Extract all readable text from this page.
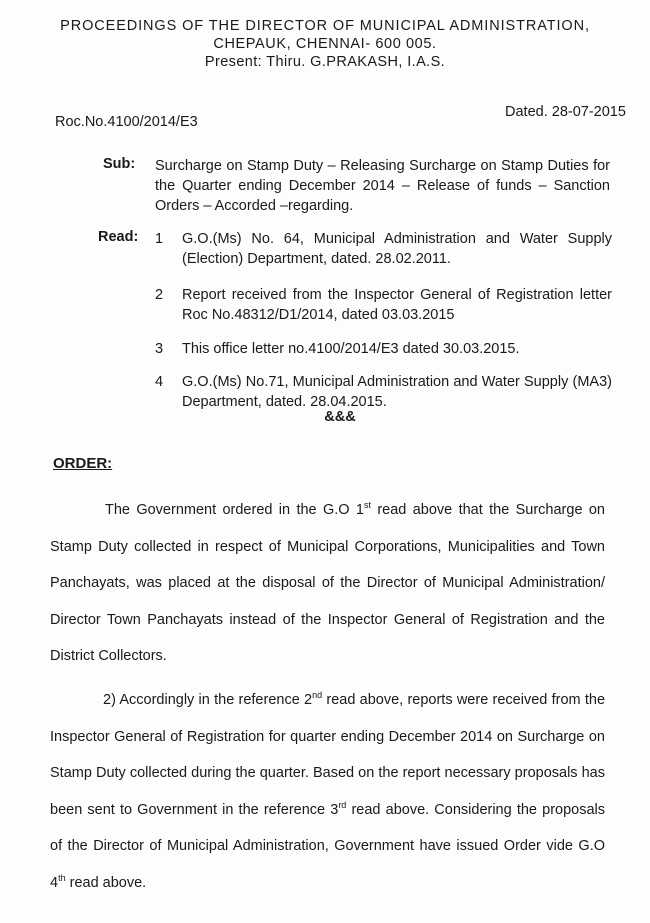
PROCEEDINGS OF THE DIRECTOR OF MUNICIPAL ADMINISTRATION,
CHEPAUK, CHENNAI- 600 005.
Present: Thiru. G.PRAKASH, I.A.S.
Roc.No.4100/2014/E3
Dated. 28-07-2015
Sub: Surcharge on Stamp Duty – Releasing Surcharge on Stamp Duties for the Quarter ending December 2014 – Release of funds – Sanction Orders – Accorded –regarding.
Read: 1 G.O.(Ms) No. 64, Municipal Administration and Water Supply (Election) Department, dated. 28.02.2011.
2 Report received from the Inspector General of Registration letter Roc No.48312/D1/2014, dated 03.03.2015
3 This office letter no.4100/2014/E3 dated 30.03.2015.
4 G.O.(Ms) No.71, Municipal Administration and Water Supply (MA3) Department, dated. 28.04.2015.
&&&
ORDER:

The Government ordered in the G.O 1st read above that the Surcharge on Stamp Duty collected in respect of Municipal Corporations, Municipalities and Town Panchayats, was placed at the disposal of the Director of Municipal Administration/ Director Town Panchayats instead of the Inspector General of Registration and the District Collectors.

2) Accordingly in the reference 2nd read above, reports were received from the Inspector General of Registration for quarter ending December 2014 on Surcharge on Stamp Duty collected during the quarter. Based on the report necessary proposals has been sent to Government in the reference 3rd read above. Considering the proposals of the Director of Municipal Administration, Government have issued Order vide G.O 4th read above.
